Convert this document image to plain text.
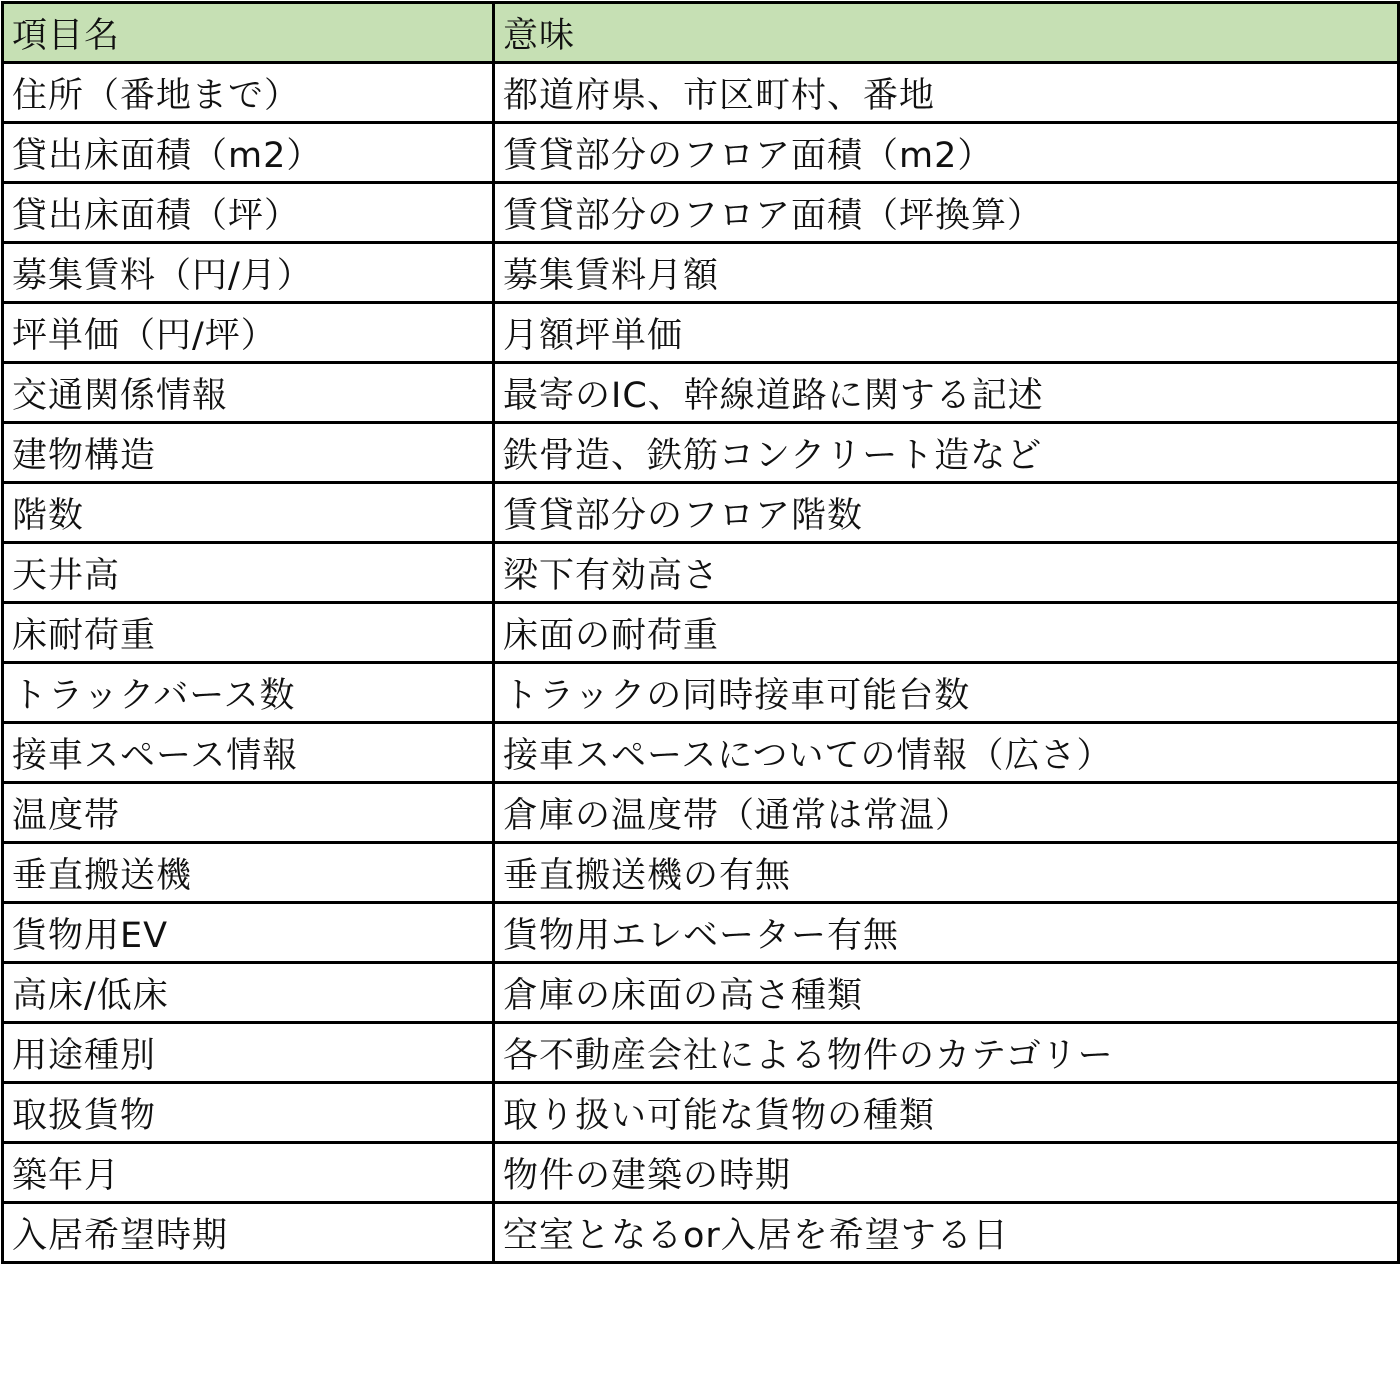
項目名	意味
住所（番地まで）	都道府県、市区町村、番地
貸出床面積（m2）	賃貸部分のフロア面積（m2）
貸出床面積（坪）	賃貸部分のフロア面積（坪換算）
募集賃料（円/月）	募集賃料月額
坪単価（円/坪）	月額坪単価
交通関係情報	最寄のIC、幹線道路に関する記述
建物構造	鉄骨造、鉄筋コンクリート造など
階数	賃貸部分のフロア階数
天井高	梁下有効高さ
床耐荷重	床面の耐荷重
トラックバース数	トラックの同時接車可能台数
接車スペース情報	接車スペースについての情報（広さ）
温度帯	倉庫の温度帯（通常は常温）
垂直搬送機	垂直搬送機の有無
貨物用EV	貨物用エレベーター有無
高床/低床	倉庫の床面の高さ種類
用途種別	各不動産会社による物件のカテゴリー
取扱貨物	取り扱い可能な貨物の種類
築年月	物件の建築の時期
入居希望時期	空室となるor入居を希望する日
